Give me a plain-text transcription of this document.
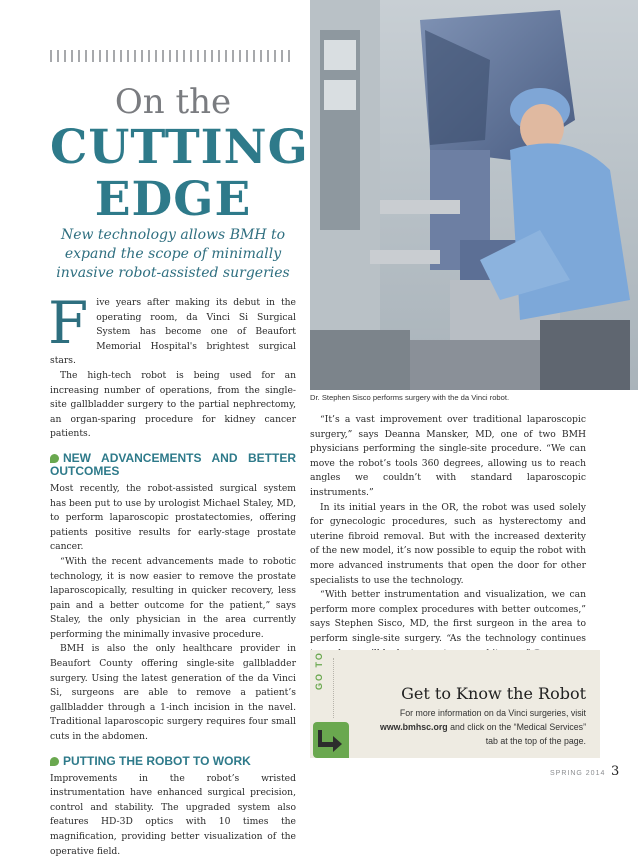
On the
CUTTING
EDGE
New technology allows BMH to expand the scope of minimally invasive robot-assisted surgeries

F ive years after making its debut in the operating room, da Vinci Si Surgical System has become one of Beaufort Memorial Hospital's brightest surgical stars.

The high-tech robot is being used for an increasing number of operations, from the single-site gallbladder surgery to the partial nephrectomy, an organ-sparing procedure for kidney cancer patients.

NEW ADVANCEMENTS AND BETTER OUTCOMES

Most recently, the robot-assisted surgical system has been put to use by urologist Michael Staley, MD, to perform laparoscopic prostatectomies, offering patients positive results for early-stage prostate cancer.

“With the recent advancements made to robotic technology, it is now easier to remove the prostate laparoscopically, resulting in quicker recovery, less pain and a better outcome for the patient,” says Staley, the only physician in the area currently performing the minimally invasive procedure.

BMH is also the only healthcare provider in Beaufort County offering single-site gallbladder surgery. Using the latest generation of the da Vinci Si, surgeons are able to remove a patient’s gallbladder through a 1-inch incision in the navel. Traditional laparoscopic surgery requires four small cuts in the abdomen.

PUTTING THE ROBOT TO WORK

Improvements in the robot’s wristed instrumentation have enhanced surgical precision, control and stability. The upgraded system also features HD-3D optics with 10 times the magnification, providing better visualization of the operative field.

Dr. Stephen Sisco performs surgery with the da Vinci robot.

“It’s a vast improvement over traditional laparoscopic surgery,” says Deanna Mansker, MD, one of two BMH physicians performing the single-site procedure. “We can move the robot’s tools 360 degrees, allowing us to reach angles we couldn’t with standard laparoscopic instruments.”

In its initial years in the OR, the robot was used solely for gynecologic procedures, such as hysterectomy and uterine fibroid removal. But with the increased dexterity of the new model, it’s now possible to equip the robot with more advanced instruments that open the door for other specialists to use the technology.

“With better instrumentation and visualization, we can perform more complex procedures with better outcomes,” says Stephen Sisco, MD, the first surgeon in the area to perform single-site surgery. “As the technology continues

GO TO
Get to Know the Robot
For more information on da Vinci surgeries, visit www.bmhsc.org and click on the “Medical Services” tab at the top of the page.
SPRING 2014 3
